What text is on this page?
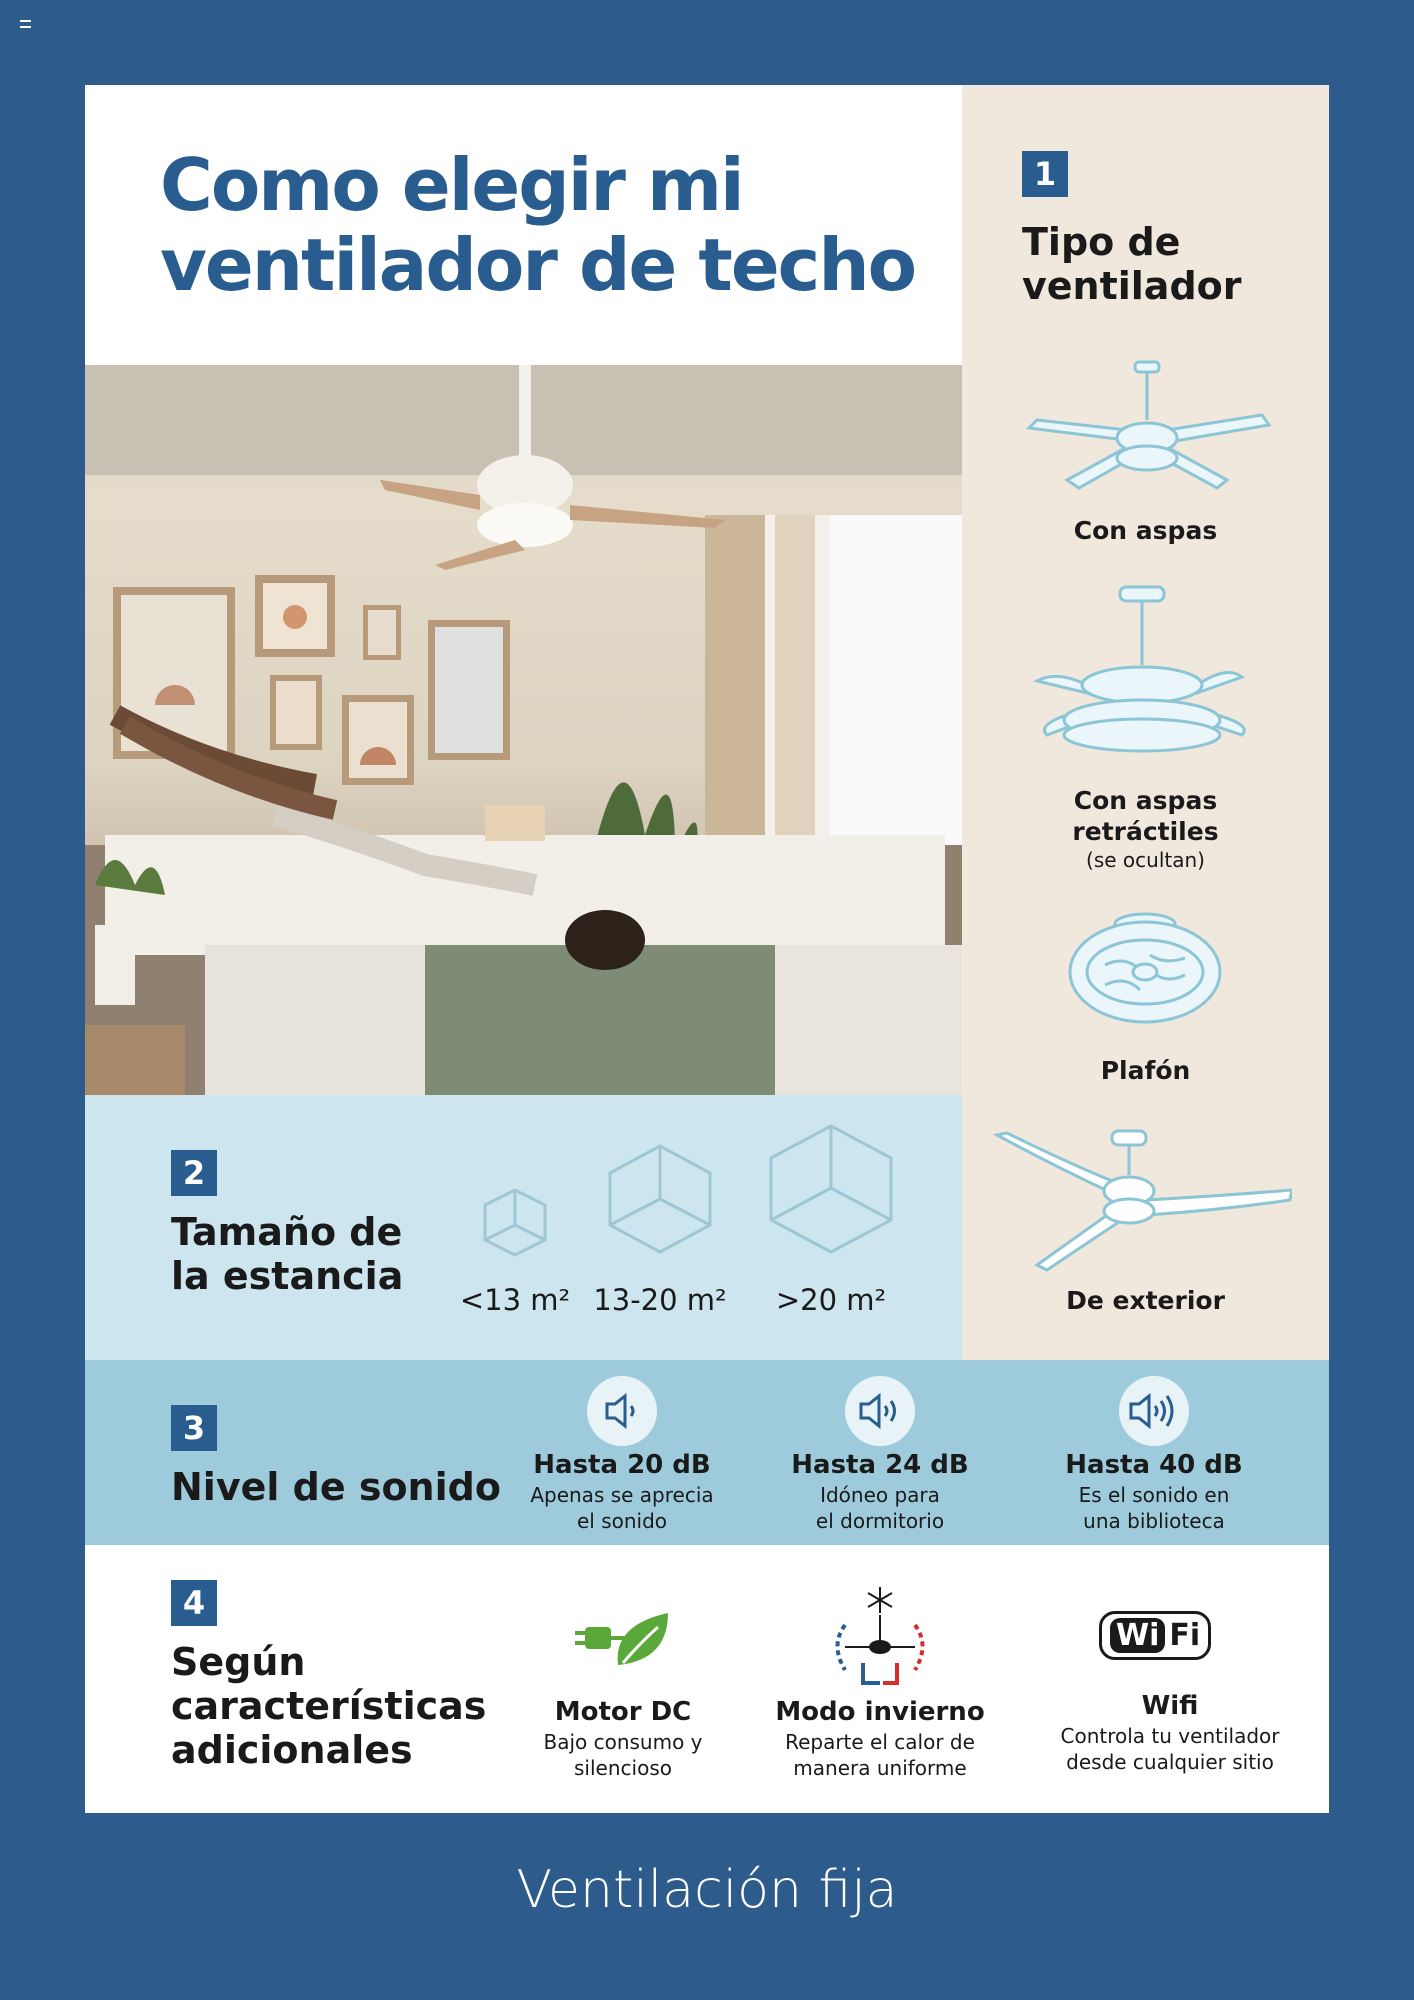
Como elegir mi
ventilador de techo
1
Tipo de
ventilador
Con aspas
Con aspas
retráctiles
(se ocultan)
Plafón
De exterior
2
Tamaño de
la estancia
<13 m² 13-20 m²	>20 m²
3
Nivel de sonido	Hasta 20 dB
Apenas se aprecia
el sonido
Hasta 24 dB
Idóneo para
el dormitorio
Hasta 40 dB
Es el sonido en
una biblioteca
4
Según
características
adicionales
Motor DC
Bajo consumo y
silencioso
Modo invierno
Reparte el calor de
manera uniforme
Wi Fi
Wifi
Controla tu ventilador
desde cualquier sitio
Ventilación fija
